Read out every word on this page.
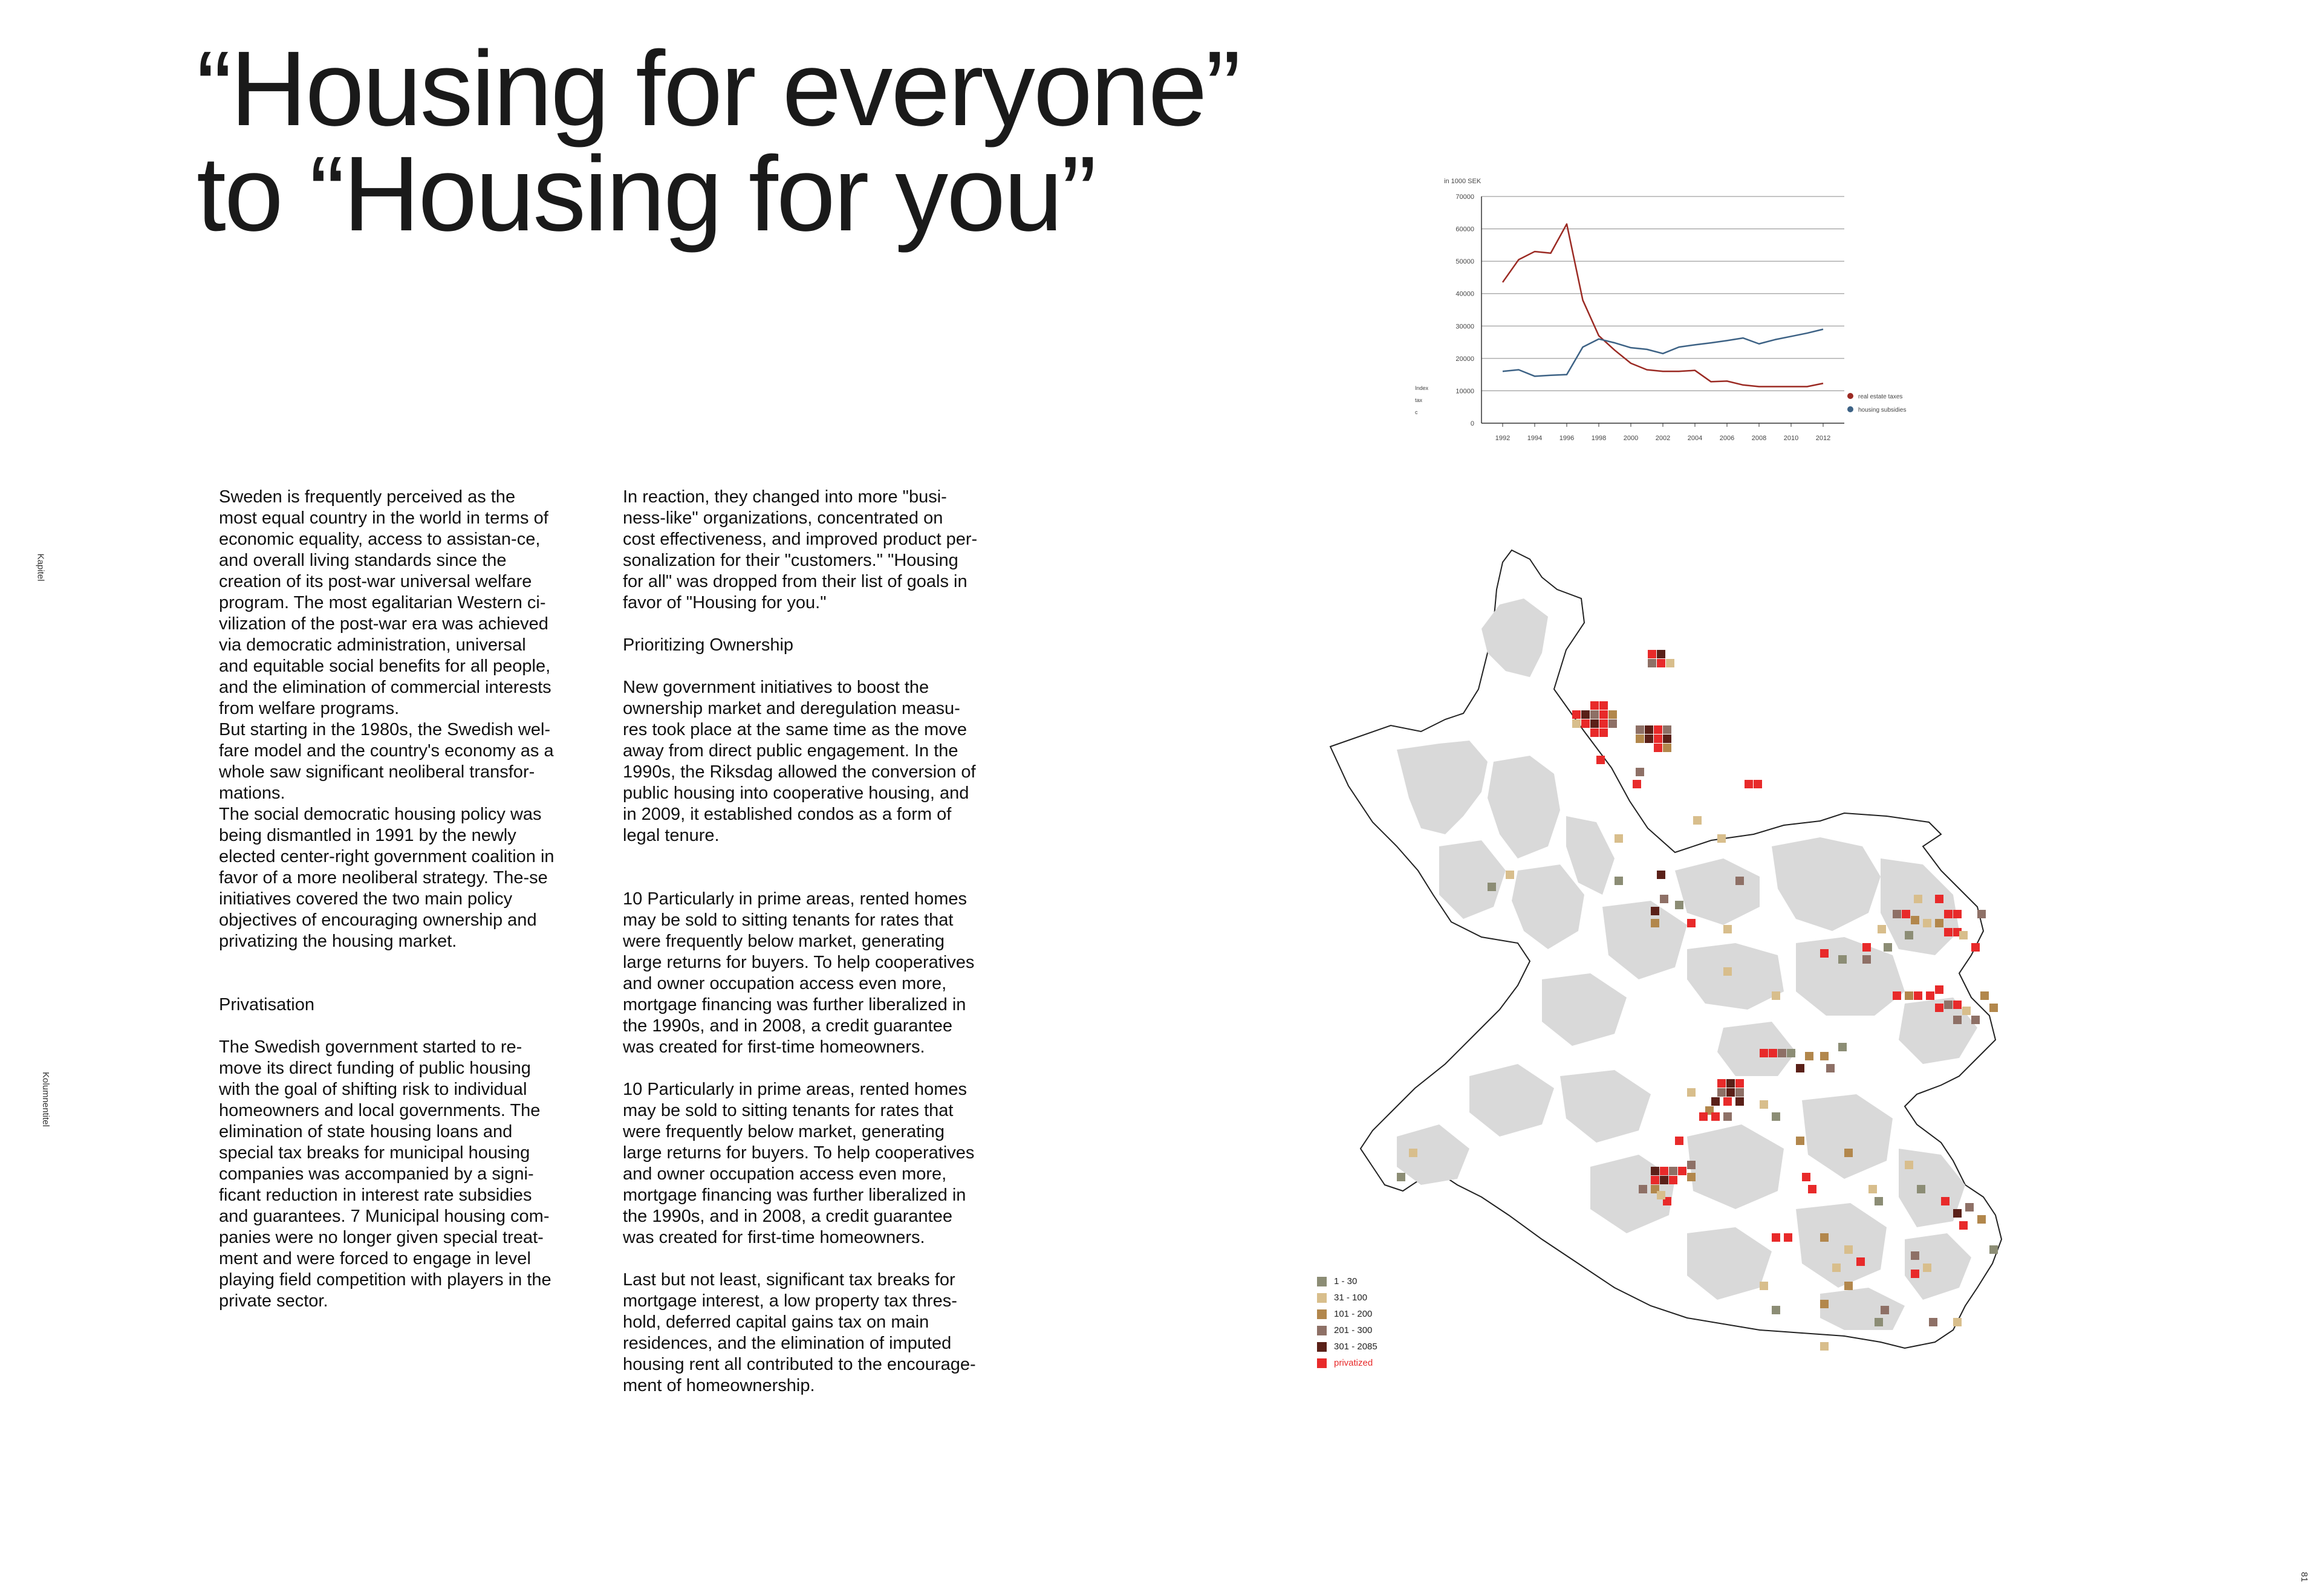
“Housing for everyone”
to “Housing for you”
Kapitel
Kolumnentitel
81

Sweden is frequently perceived as the most equal country in the world in terms of economic equality, access to assistan-ce, and overall living standards since the creation of its post-war universal welfare program. The most egalitarian Western ci-vilization of the post-war era was achieved via democratic administration, universal and equitable social benefits for all people, and the elimination of commercial interests from welfare programs.

But starting in the 1980s, the Swedish wel-fare model and the country's economy as a whole saw significant neoliberal transfor-mations.

The social democratic housing policy was being dismantled in 1991 by the newly elected center-right government coalition in favor of a more neoliberal strategy. The-se initiatives covered the two main policy objectives of encouraging ownership and privatizing the housing market.

Privatisation

The Swedish government started to re-move its direct funding of public housing with the goal of shifting risk to individual homeowners and local governments. The elimination of state housing loans and special tax breaks for municipal housing companies was accompanied by a signi-ficant reduction in interest rate subsidies and guarantees. 7 Municipal housing com-panies were no longer given special treat-ment and were forced to engage in level playing field competition with players in the private sector.

In reaction, they changed into more "busi-ness-like" organizations, concentrated on cost effectiveness, and improved product per-sonalization for their "customers." "Housing for all" was dropped from their list of goals in favor of "Housing for you."

Prioritizing Ownership

New government initiatives to boost the ownership market and deregulation measu-res took place at the same time as the move away from direct public engagement. In the 1990s, the Riksdag allowed the conversion of public housing into cooperative housing, and in 2009, it established condos as a form of legal tenure.

10 Particularly in prime areas, rented homes may be sold to sitting tenants for rates that were frequently below market, generating large returns for buyers. To help cooperatives and owner occupation access even more, mortgage financing was further liberalized in the 1990s, and in 2008, a credit guarantee was created for first-time homeowners.

10 Particularly in prime areas, rented homes may be sold to sitting tenants for rates that were frequently below market, generating large returns for buyers. To help cooperatives and owner occupation access even more, mortgage financing was further liberalized in the 1990s, and in 2008, a credit guarantee was created for first-time homeowners.

Last but not least, significant tax breaks for mortgage interest, a low property tax thres-hold, deferred capital gains tax on main residences, and the elimination of imputed housing rent all contributed to the encourage-ment of homeownership.

0
10000
20000
30000
40000
50000
60000
70000
1992	1994	1996	1998	2000	2002	2004	2006	2008	2010	2012
in 1000 SEK
Index
tax
c
real estate taxes
housing subsidies
1 - 30
31 - 100
101 - 200
201 - 300
301 - 2085
privatized
